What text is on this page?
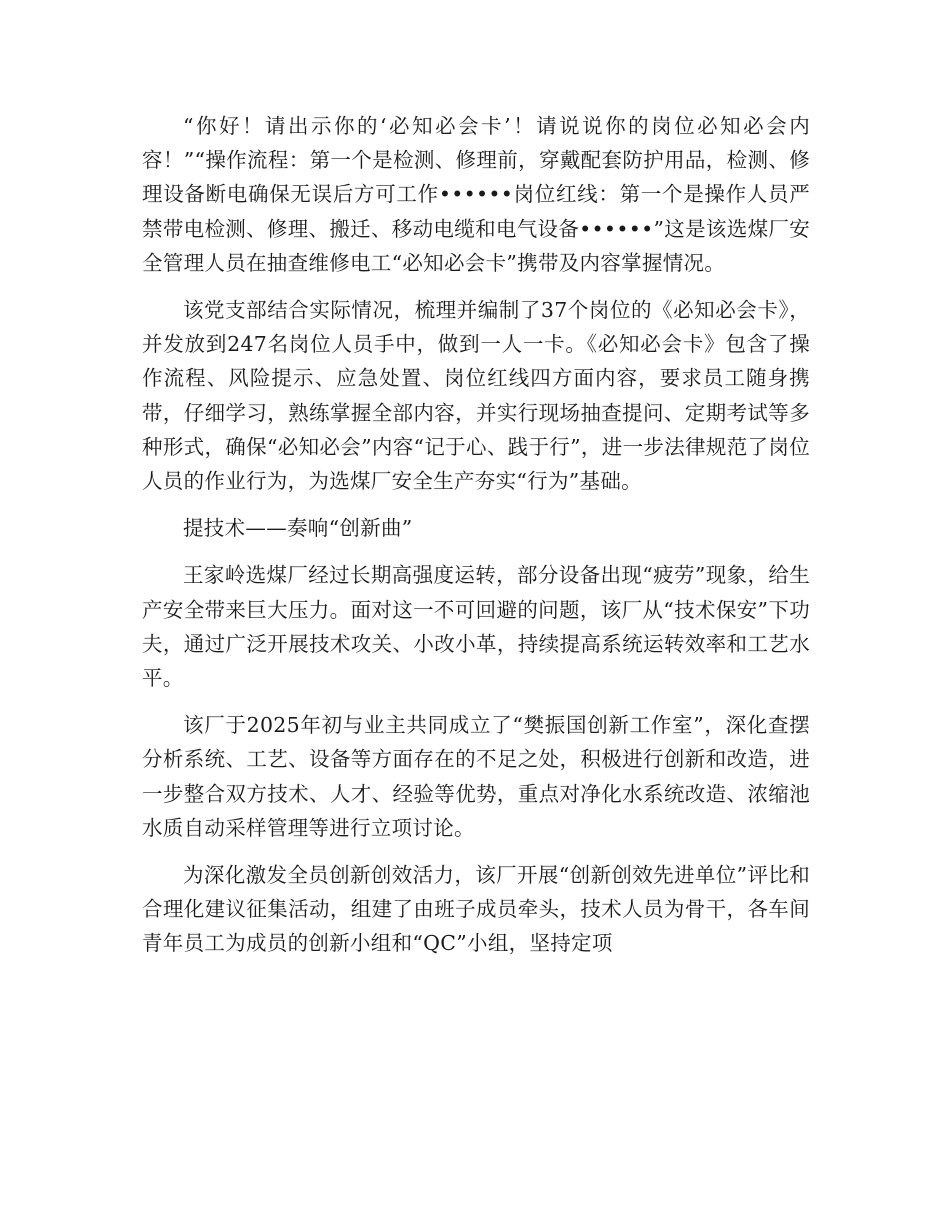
“你好！请出示你的‘必知必会卡’！请说说你的岗位必知必会内容！”“操作流程：第一个是检测、修理前，穿戴配套防护用品，检测、修理设备断电确保无误后方可工作••••••岗位红线：第一个是操作人员严禁带电检测、修理、搬迁、移动电缆和电气设备••••••”这是该选煤厂安全管理人员在抽查维修电工“必知必会卡”携带及内容掌握情况。

该党支部结合实际情况，梳理并编制了37个岗位的《必知必会卡》，并发放到247名岗位人员手中，做到一人一卡。《必知必会卡》包含了操作流程、风险提示、应急处置、岗位红线四方面内容，要求员工随身携带，仔细学习，熟练掌握全部内容，并实行现场抽查提问、定期考试等多种形式，确保“必知必会”内容“记于心、践于行”，进一步法律规范了岗位人员的作业行为，为选煤厂安全生产夯实“行为”基础。

提技术——奏响“创新曲”

王家岭选煤厂经过长期高强度运转，部分设备出现“疲劳”现象，给生产安全带来巨大压力。面对这一不可回避的问题，该厂从“技术保安”下功夫，通过广泛开展技术攻关、小改小革，持续提高系统运转效率和工艺水平。

该厂于2025年初与业主共同成立了“樊振国创新工作室”，深化查摆分析系统、工艺、设备等方面存在的不足之处，积极进行创新和改造，进一步整合双方技术、人才、经验等优势，重点对净化水系统改造、浓缩池水质自动采样管理等进行立项讨论。

为深化激发全员创新创效活力，该厂开展“创新创效先进单位”评比和合理化建议征集活动，组建了由班子成员牵头，技术人员为骨干，各车间青年员工为成员的创新小组和“QC”小组，坚持定项
